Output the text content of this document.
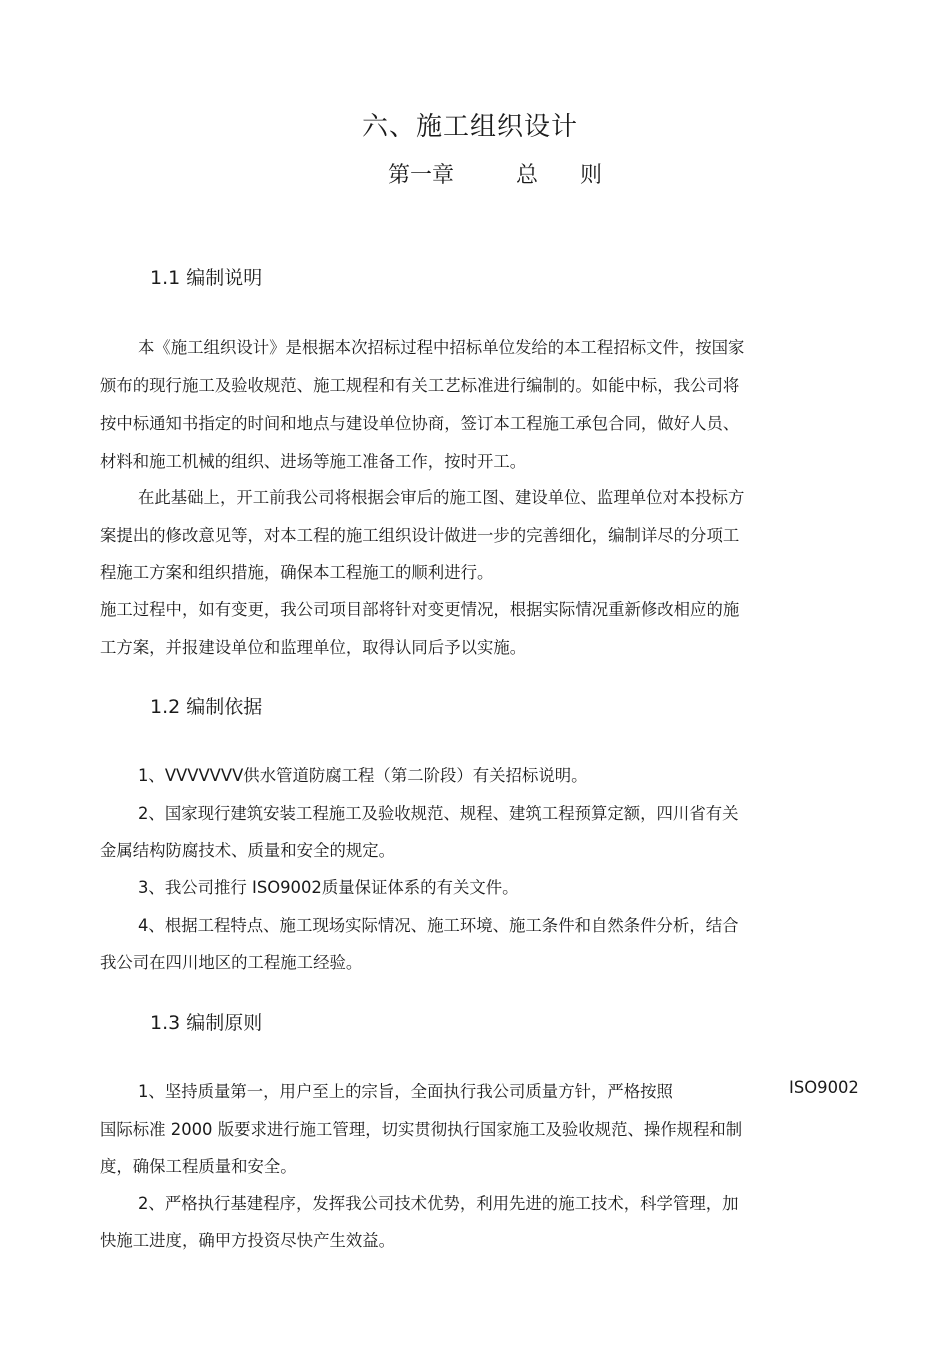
六、施工组织设计
第一章	总 则
1.1 编制说明
本《施工组织设计》是根据本次招标过程中招标单位发给的本工程招标文件，按国家
颁布的现行施工及验收规范、施工规程和有关工艺标准进行编制的。如能中标，我公司将
按中标通知书指定的时间和地点与建设单位协商，签订本工程施工承包合同，做好人员、
材料和施工机械的组织、进场等施工准备工作，按时开工。
在此基础上，开工前我公司将根据会审后的施工图、建设单位、监理单位对本投标方
案提出的修改意见等，对本工程的施工组织设计做进一步的完善细化，编制详尽的分项工
程施工方案和组织措施，确保本工程施工的顺利进行。
施工过程中，如有变更，我公司项目部将针对变更情况，根据实际情况重新修改相应的施
工方案，并报建设单位和监理单位，取得认同后予以实施。
1.2 编制依据
1、VVVVVVV供水管道防腐工程（第二阶段）有关招标说明。
2、国家现行建筑安装工程施工及验收规范、规程、建筑工程预算定额，四川省有关
金属结构防腐技术、质量和安全的规定。
3、我公司推行 ISO9002质量保证体系的有关文件。
4、根据工程特点、施工现场实际情况、施工环境、施工条件和自然条件分析，结合
我公司在四川地区的工程施工经验。
1.3 编制原则
1、坚持质量第一，用户至上的宗旨，全面执行我公司质量方针，严格按照	ISO9002
国际标准 2000 版要求进行施工管理，切实贯彻执行国家施工及验收规范、操作规程和制
度，确保工程质量和安全。
2、严格执行基建程序，发挥我公司技术优势，利用先进的施工技术，科学管理，加
快施工进度，确甲方投资尽快产生效益。
